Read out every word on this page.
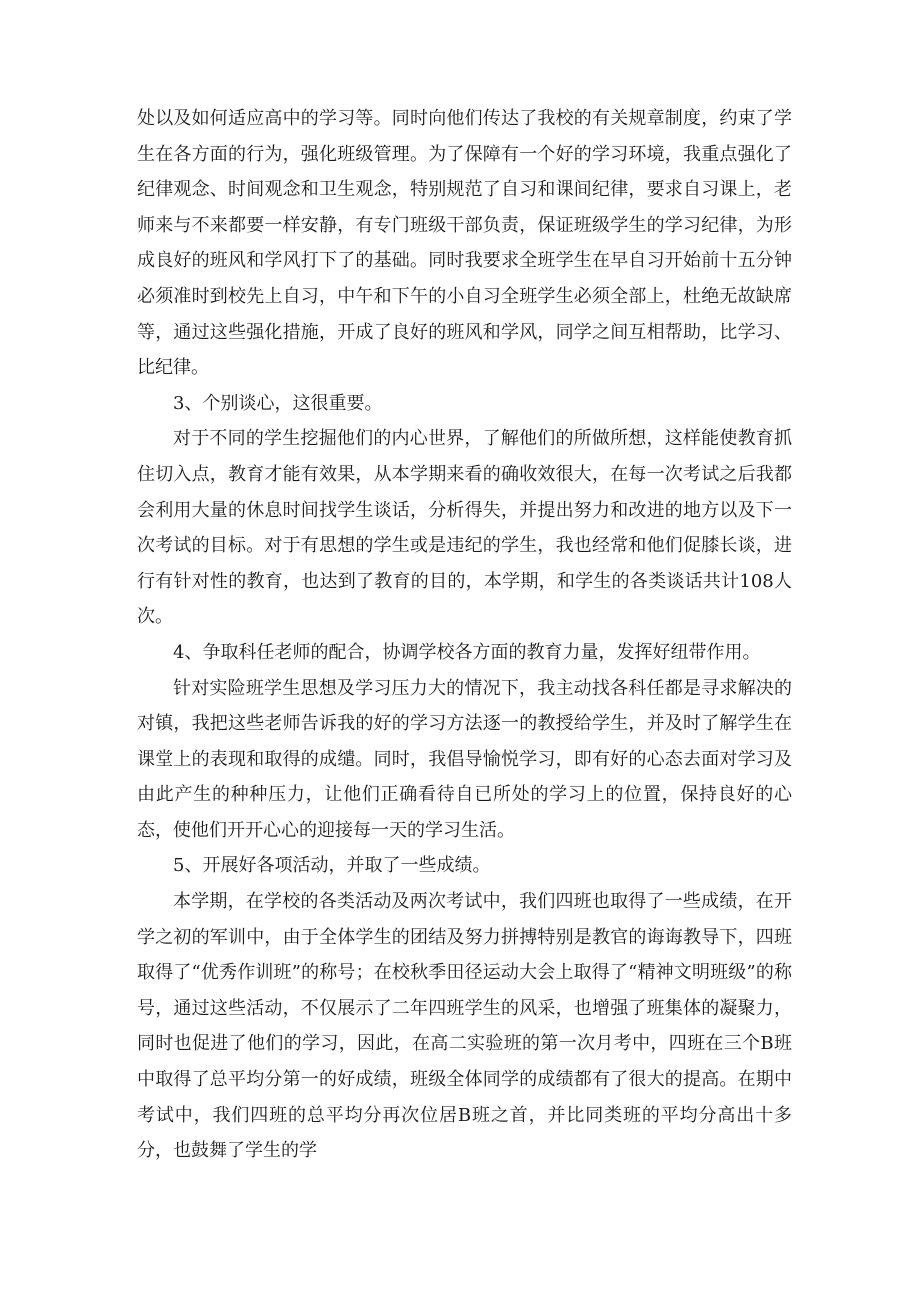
处以及如何适应高中的学习等。同时向他们传达了我校的有关规章制度，约束了学生在各方面的行为，强化班级管理。为了保障有一个好的学习环境，我重点强化了纪律观念、时间观念和卫生观念，特别规范了自习和课间纪律，要求自习课上，老师来与不来都要一样安静，有专门班级干部负责，保证班级学生的学习纪律，为形成良好的班风和学风打下了的基础。同时我要求全班学生在早自习开始前十五分钟必须准时到校先上自习，中午和下午的小自习全班学生必须全部上，杜绝无故缺席等，通过这些强化措施，开成了良好的班风和学风，同学之间互相帮助，比学习、比纪律。

3、个别谈心，这很重要。

对于不同的学生挖掘他们的内心世界，了解他们的所做所想，这样能使教育抓住切入点，教育才能有效果，从本学期来看的确收效很大，在每一次考试之后我都会利用大量的休息时间找学生谈话，分析得失，并提出努力和改进的地方以及下一次考试的目标。对于有思想的学生或是违纪的学生，我也经常和他们促膝长谈，进行有针对性的教育，也达到了教育的目的，本学期，和学生的各类谈话共计108人次。

4、争取科任老师的配合，协调学校各方面的教育力量，发挥好纽带作用。

针对实险班学生思想及学习压力大的情况下，我主动找各科任都是寻求解决的对镇，我把这些老师告诉我的好的学习方法逐一的教授给学生，并及时了解学生在课堂上的表现和取得的成缱。同时，我倡导愉悦学习，即有好的心态去面对学习及由此产生的种种压力，让他们正确看待自已所处的学习上的位置，保持良好的心态，使他们开开心心的迎接每一天的学习生活。

5、开展好各项活动，并取了一些成绩。

本学期，在学校的各类活动及两次考试中，我们四班也取得了一些成绩，在开学之初的军训中，由于全体学生的团结及努力拼搏特别是教官的诲诲教导下，四班取得了“优秀作训班”的称号；在校秋季田径运动大会上取得了“精神文明班级”的称号，通过这些活动，不仅展示了二年四班学生的风采，也增强了班集体的凝聚力，同时也促进了他们的学习，因此，在高二实验班的第一次月考中，四班在三个B班中取得了总平均分第一的好成绩，班级全体同学的成绩都有了很大的提高。在期中考试中，我们四班的总平均分再次位居B班之首，并比同类班的平均分高出十多分，也鼓舞了学生的学
